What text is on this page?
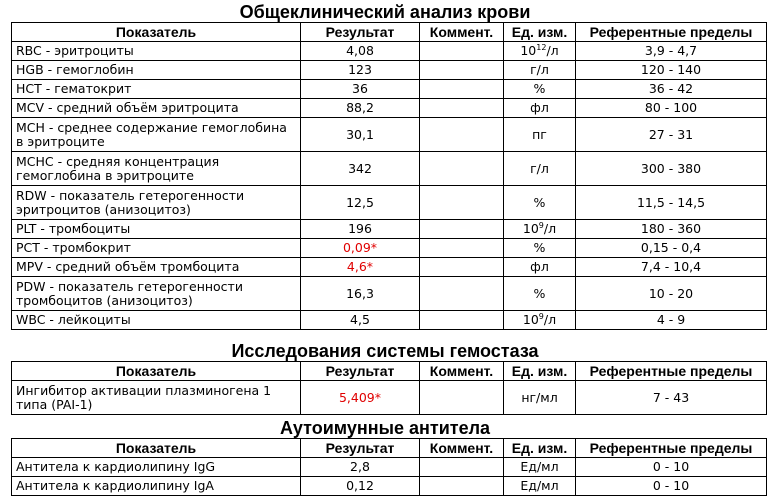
Общеклинический анализ крови
Показатель	Результат	Коммент.	Ед. изм.	Референтные пределы
RBC - эритроциты	4,08		$10^{12}/л$	3,9 - 4,7
HGB - гемоглобин	123		г/л	120 - 140
HCT - гематокрит	36		%	36 - 42
MCV - средний объём эритроцита	88,2		фл	80 - 100
MCH - среднее содержание гемоглобина в эритроците	30,1		пг	27 - 31
MCHC - средняя концентрация гемоглобина в эритроците	342		г/л	300 - 380
RDW - показатель гетерогенности эритроцитов (анизоцитоз)	12,5		%	11,5 - 14,5
PLT - тромбоциты	196		$10^9/л$	180 - 360
PCT - тромбокрит	0,09*		%	0,15 - 0,4
MPV - средний объём тромбоцита	4,6*		фл	7,4 - 10,4
PDW - показатель гетерогенности тромбоцитов (анизоцитоз)	16,3		%	10 - 20
WBC - лейкоциты	4,5		$10^9/л$	4 - 9
Исследования системы гемостаза
Показатель	Результат	Коммент.	Ед. изм.	Референтные пределы
Ингибитор активации плазминогена 1 типа (PAI-1)	5,409*		нг/мл	7 - 43
Аутоимунные антитела
Показатель	Результат	Коммент.	Ед. изм.	Референтные пределы
Антитела к кардиолипину IgG	2,8		Ед/мл	0 - 10
Антитела к кардиолипину IgA	0,12		Ед/мл	0 - 10
